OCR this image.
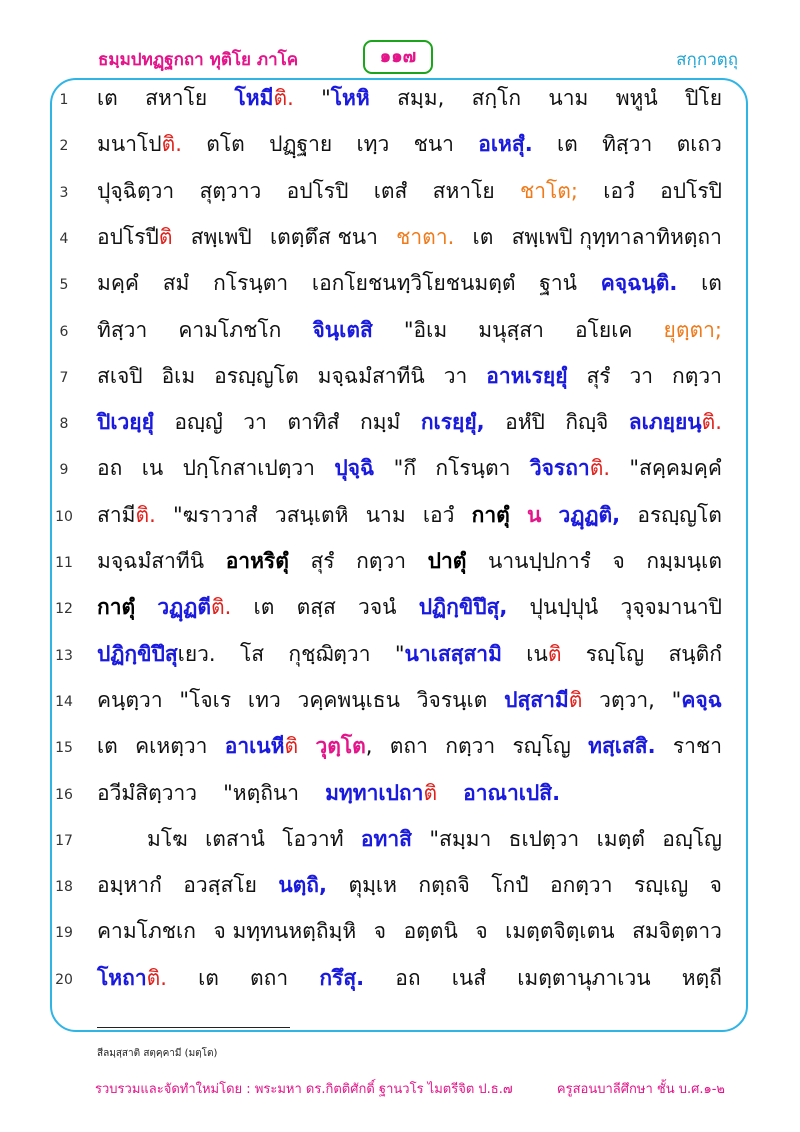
ธมฺมปทฏฺฐกถา ทุติโย ภาโค	๑๑๗	สกฺกวตฺถุ
1	เต สหาโย โหมีติ. "โหหิ สมฺม, สกฺโก นาม พหูนํ ปิโย
2	มนาโปติ. ตโต ปฏฺฐาย เทฺว ชนา อเหสุํ. เต ทิสฺวา ตเถว
3	ปุจฺฉิตฺวา สุตฺวาว อปโรปิ เตสํ สหาโย ชาโต; เอวํ อปโรปิ
4	อปโรปีติ สพฺเพปิ เตตฺตึส ชนา ชาตา. เต สพฺเพปิ กุทฺทาลาทิหตฺถา
5	มคฺคํ สมํ กโรนฺตา เอกโยชนทฺวิโยชนมตฺตํ ฐานํ คจฺฉนฺติ. เต
6	ทิสฺวา คามโภชโก จินฺเตสิ "อิเม มนุสฺสา อโยเค ยุตฺตา;
7	สเจปิ อิเม อรญฺญโต มจฺฉมํสาทีนิ วา อาหเรยฺยุํ สุรํ วา กตฺวา
8	ปิเวยฺยุํ อญฺญํ วา ตาทิสํ กมฺมํ กเรยฺยุํ, อหํปิ กิญฺจิ ลเภยฺยนฺติ.
9	อถ เน ปกฺโกสาเปตฺวา ปุจฺฉิ "กึ กโรนฺตา วิจรถาติ. "สคฺคมคฺคํ
10	สามีติ. "ฆราวาสํ วสนฺเตหิ นาม เอวํ กาตุํ น วฏฺฏติ, อรญฺญโต
11	มจฺฉมํสาทีนิ อาหริตุํ สุรํ กตฺวา ปาตุํ นานปฺปการํ จ กมฺมนฺเต
12	กาตุํ วฏฺฏตีติ. เต ตสฺส วจนํ ปฏิกฺขิปึสุ, ปุนปฺปุนํ วุจฺจมานาปิ
13	ปฏิกฺขิปึสุเยว. โส กุชฺฌิตฺวา "นาเสสฺสามิ เนติ รญฺโญ สนฺติกํ
14	คนฺตฺวา "โจเร เทว วคฺคพนฺเธน วิจรนฺเต ปสฺสามีติ วตฺวา, "คจฺฉ
15	เต คเหตฺวา อาเนหีติ วุตฺโต, ตถา กตฺวา รญฺโญ ทสฺเสสิ. ราชา
16	อวีมํสิตฺวาว "หตฺถินา มทฺทาเปถาติ อาณาเปสิ.
17	มโฆ เตสานํ โอวาทํ อทาสิ "สมฺมา ธเปตฺวา เมตฺตํ อญฺโญ
18	อมฺหากํ อวสฺสโย นตฺถิ, ตุมฺเห กตฺถจิ โกปํ อกตฺวา รญฺเญ จ
19	คามโภชเก จ มทฺทนหตฺถิมฺหิ จ อตฺตนิ จ เมตฺตจิตฺเตน สมจิตฺตาว
20	โหถาติ. เต ตถา กรึสุ. อถ เนสํ เมตฺตานุภาเวน หตฺถี
สีลมฺสฺสาติ สตฺคฺคามี (มตฺโต)
รวบรวมและจัดทำใหม่โดย : พระมหา ดร.กิตติศักดิ์ ฐานวโร ไมตรีจิต ป.ธ.๗	ครูสอนบาลีศึกษา ชั้น บ.ศ.๑-๒
